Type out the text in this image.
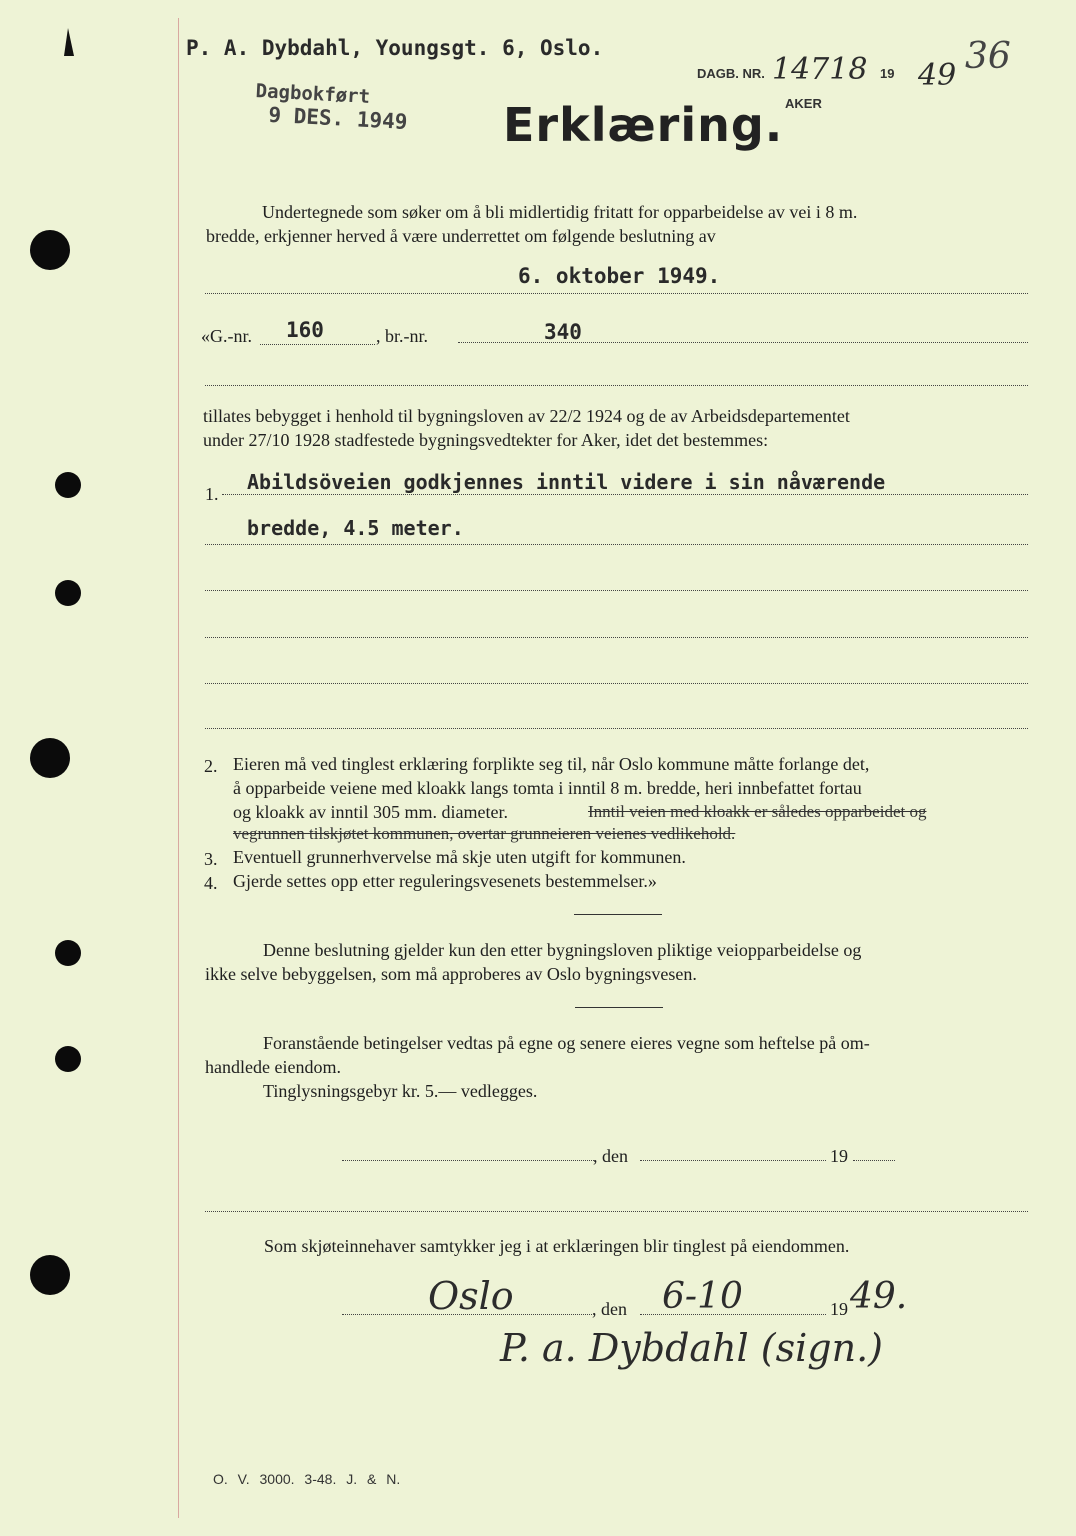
P. A. Dybdahl, Youngsgt. 6, Oslo.
DAGB. NR. 14718 19 49
AKER
36
Dagbokført
9 DES. 1949 Erklæring.
Undertegnede som søker om å bli midlertidig fritatt for opparbeidelse av vei i 8 m.
bredde, erkjenner herved å være underrettet om følgende beslutning av
6. oktober 1949.
«G.-nr. 160	, br.-nr.	340
tillates bebygget i henhold til bygningsloven av 22/2 1924 og de av Arbeidsdepartementet
under 27/10 1928 stadfestede bygningsvedtekter for Aker, idet det bestemmes:
1. Abildsöveien godkjennes inntil videre i sin nåværende
bredde, 4.5 meter.
2. Eieren må ved tinglest erklæring forplikte seg til, når Oslo kommune måtte forlange det,
å opparbeide veiene med kloakk langs tomta i inntil 8 m. bredde, heri innbefattet fortau
og kloakk av inntil 305 mm. diameter.	Inntil veien med kloakk er således opparbeidet og
vegrunnen tilskjøtet kommunen, overtar grunneieren veienes vedlikehold.
3. Eventuell grunnerhvervelse må skje uten utgift for kommunen.
4. Gjerde settes opp etter reguleringsvesenets bestemmelser.»
Denne beslutning gjelder kun den etter bygningsloven pliktige veiopparbeidelse og
ikke selve bebyggelsen, som må approberes av Oslo bygningsvesen.
Foranstående betingelser vedtas på egne og senere eieres vegne som heftelse på om-
handlede eiendom.
Tinglysningsgebyr kr. 5.— vedlegges.
, den	19
Som skjøteinnehaver samtykker jeg i at erklæringen blir tinglest på eiendommen.
Oslo	, den 6-10	19 49.
P. a. Dybdahl (sign.)
O. V. 3000. 3-48. J. & N.
